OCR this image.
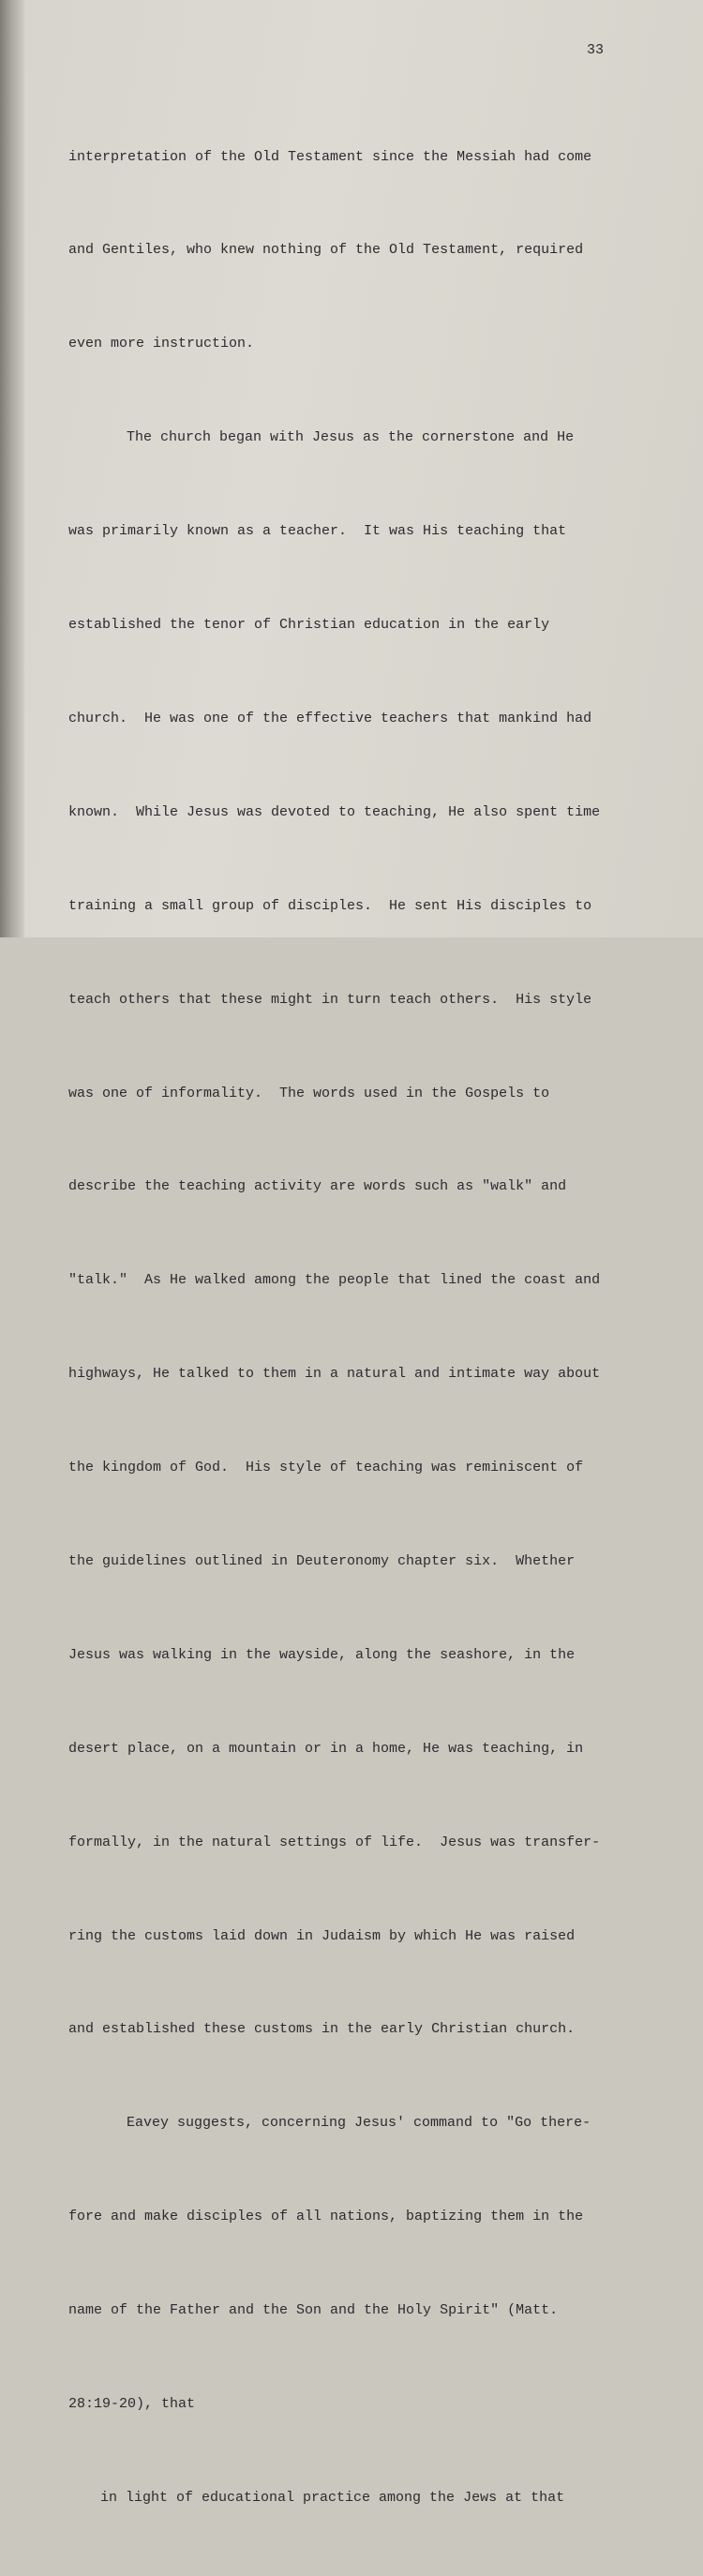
33

interpretation of the Old Testament since the Messiah had come

and Gentiles, who knew nothing of the Old Testament, required

even more instruction.

The church began with Jesus as the cornerstone and He

was primarily known as a teacher.  It was His teaching that

established the tenor of Christian education in the early

church.  He was one of the effective teachers that mankind had

known.  While Jesus was devoted to teaching, He also spent time

training a small group of disciples.  He sent His disciples to

teach others that these might in turn teach others.  His style

was one of informality.  The words used in the Gospels to

describe the teaching activity are words such as "walk" and

"talk."  As He walked among the people that lined the coast and

highways, He talked to them in a natural and intimate way about

the kingdom of God.  His style of teaching was reminiscent of

the guidelines outlined in Deuteronomy chapter six.  Whether

Jesus was walking in the wayside, along the seashore, in the

desert place, on a mountain or in a home, He was teaching, in

formally, in the natural settings of life.  Jesus was transfer-

ring the customs laid down in Judaism by which He was raised

and established these customs in the early Christian church.

Eavey suggests, concerning Jesus' command to "Go there-

fore and make disciples of all nations, baptizing them in the

name of the Father and the Son and the Holy Spirit" (Matt.

28:19-20), that

in light of educational practice among the Jews at that
